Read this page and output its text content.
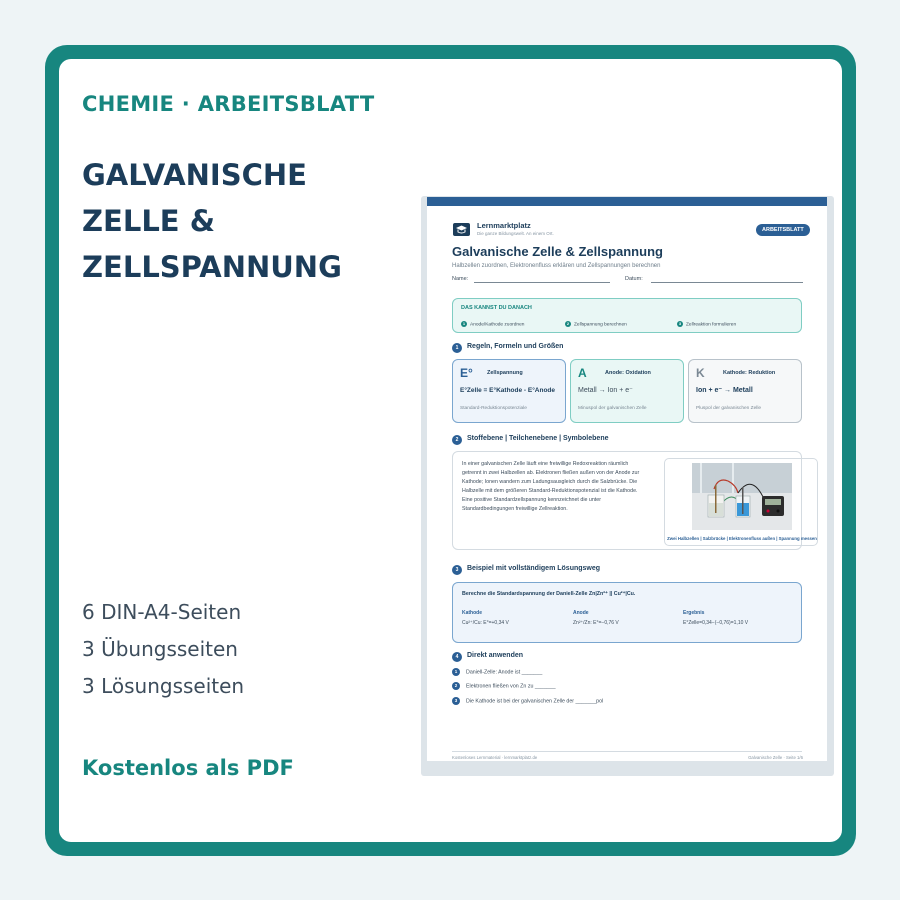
CHEMIE · ARBEITSBLATT
GALVANISCHE ZELLE & ZELLSPANNUNG
6 DIN-A4-Seiten
3 Übungsseiten
3 Lösungsseiten
Kostenlos als PDF
Lernmarktplatz
Die ganze Bildungswelt. An einem Ort.
ARBEITSBLATT
Galvanische Zelle & Zellspannung
Halbzellen zuordnen, Elektronenfluss erklären und Zellspannungen berechnen
Name:	Datum:
DAS KANNST DU DANACH
1 Anode/Kathode zuordnen	2 Zellspannung berechnen	3 Zellreaktion formulieren
1	Regeln, Formeln und Größen
E°	Zellspannung
E°Zelle = E°Kathode - E°Anode
Standard-Reduktionspotenziale
A	Anode: Oxidation
Metall → Ion + e⁻
Minuspol der galvanischen Zelle
K	Kathode: Reduktion
Ion + e⁻ → Metall
Pluspol der galvanischen Zelle
2	Stoffebene | Teilchenebene | Symbolebene
In einer galvanischen Zelle läuft eine freiwillige Redoxreaktion räumlich getrennt in zwei Halbzellen ab. Elektronen fließen außen von der Anode zur Kathode; Ionen wandern zum Ladungsausgleich durch die Salzbrücke. Die Halbzelle mit dem größeren Standard-Reduktionspotenzial ist die Kathode. Eine positive Standardzellspannung kennzeichnet die unter Standardbedingungen freiwillige Zellreaktion.
Zwei Halbzellen | Salzbrücke | Elektronenfluss außen | Spannung messen
3	Beispiel mit vollständigem Lösungsweg
Berechne die Standardspannung der Daniell-Zelle Zn|Zn²⁺ || Cu²⁺|Cu.
Kathode
Cu²⁺/Cu: E°=+0,34 V
Anode
Zn²⁺/Zn: E°=−0,76 V
Ergebnis
E°Zelle=0,34−(−0,76)=1,10 V
4	Direkt anwenden
1 Daniell-Zelle: Anode ist _______
2 Elektronen fließen von Zn zu _______
3 Die Kathode ist bei der galvanischen Zelle der _______pol
Kostenloses Lernmaterial · lernmarktplatz.de	Galvanische Zelle · Seite 1/6
